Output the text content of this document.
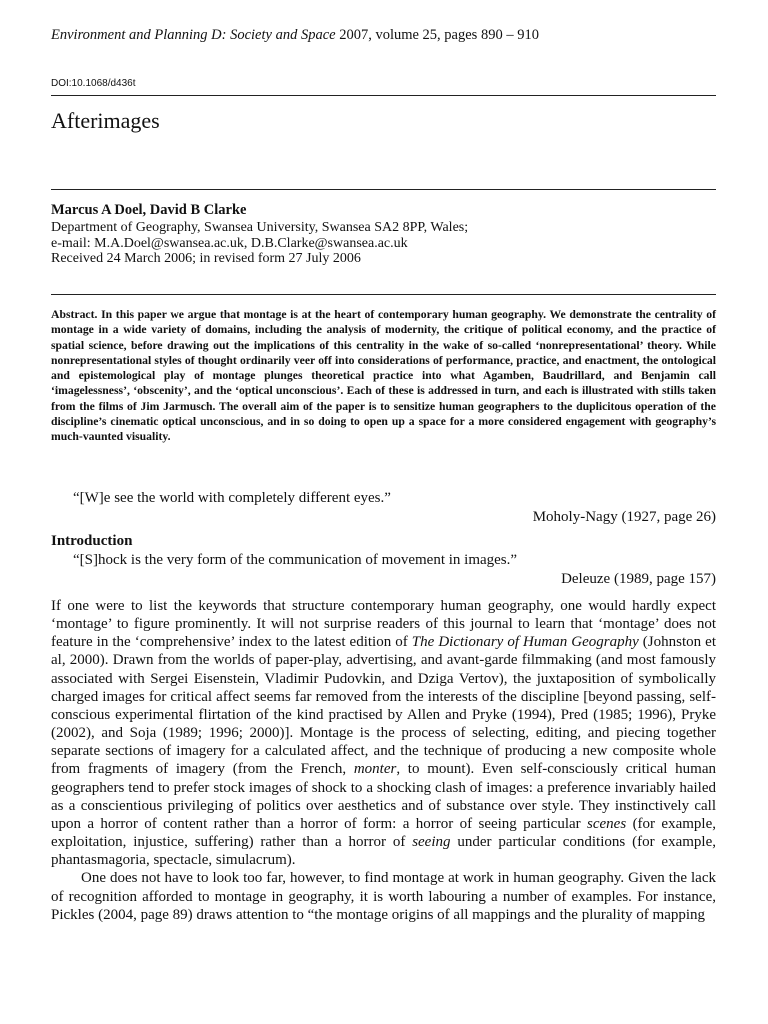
Environment and Planning D: Society and Space 2007, volume 25, pages 890 – 910
DOI:10.1068/d436t
Afterimages
Marcus A Doel, David B Clarke
Department of Geography, Swansea University, Swansea SA2 8PP, Wales;
e-mail: M.A.Doel@swansea.ac.uk, D.B.Clarke@swansea.ac.uk
Received 24 March 2006; in revised form 27 July 2006
Abstract. In this paper we argue that montage is at the heart of contemporary human geography. We demonstrate the centrality of montage in a wide variety of domains, including the analysis of modernity, the critique of political economy, and the practice of spatial science, before drawing out the implications of this centrality in the wake of so-called ‘nonrepresentational’ theory. While nonrepresentational styles of thought ordinarily veer off into considerations of performance, practice, and enactment, the ontological and epistemological play of montage plunges theoretical practice into what Agamben, Baudrillard, and Benjamin call ‘imagelessness’, ‘obscenity’, and the ‘optical unconscious’. Each of these is addressed in turn, and each is illustrated with stills taken from the films of Jim Jarmusch. The overall aim of the paper is to sensitize human geographers to the duplicitous operation of the discipline’s cinematic optical unconscious, and in so doing to open up a space for a more considered engagement with geography’s much-vaunted visuality.
“[W]e see the world with completely different eyes.”
Moholy-Nagy (1927, page 26)
Introduction
“[S]hock is the very form of the communication of movement in images.”
Deleuze (1989, page 157)

If one were to list the keywords that structure contemporary human geography, one would hardly expect ‘montage’ to figure prominently. It will not surprise readers of this journal to learn that ‘montage’ does not feature in the ‘comprehensive’ index to the latest edition of The Dictionary of Human Geography (Johnston et al, 2000). Drawn from the worlds of paper-play, advertising, and avant-garde filmmaking (and most famously associated with Sergei Eisenstein, Vladimir Pudovkin, and Dziga Vertov), the juxtaposition of symbolically charged images for critical affect seems far removed from the interests of the discipline [beyond passing, self-conscious experimental flirtation of the kind practised by Allen and Pryke (1994), Pred (1985; 1996), Pryke (2002), and Soja (1989; 1996; 2000)]. Montage is the process of selecting, editing, and piecing together separate sections of imagery for a calculated affect, and the technique of producing a new composite whole from fragments of imagery (from the French, monter, to mount). Even self-consciously critical human geographers tend to prefer stock images of shock to a shocking clash of images: a preference invariably hailed as a conscientious privileging of politics over aesthetics and of substance over style. They instinctively call upon a horror of content rather than a horror of form: a horror of seeing particular scenes (for example, exploitation, injustice, suffering) rather than a horror of seeing under particular conditions (for example, phantasmagoria, spectacle, simulacrum).

One does not have to look too far, however, to find montage at work in human geography. Given the lack of recognition afforded to montage in geography, it is worth labouring a number of examples. For instance, Pickles (2004, page 89) draws attention to “the montage origins of all mappings and the plurality of mapping
